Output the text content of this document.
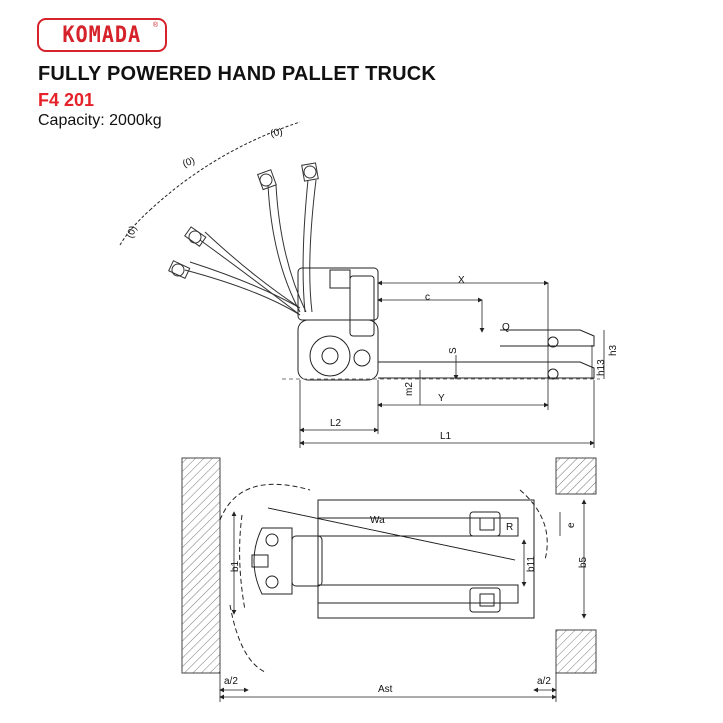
KOMADA ®
FULLY POWERED HAND PALLET TRUCK
F4 201
Capacity: 2000kg
(0)
(0)
(0)
X
c
Q
S
h13
h3
m2
Y
L2
L1
Wa
R	e
b1	b11	b5
a/2	a/2
Ast
